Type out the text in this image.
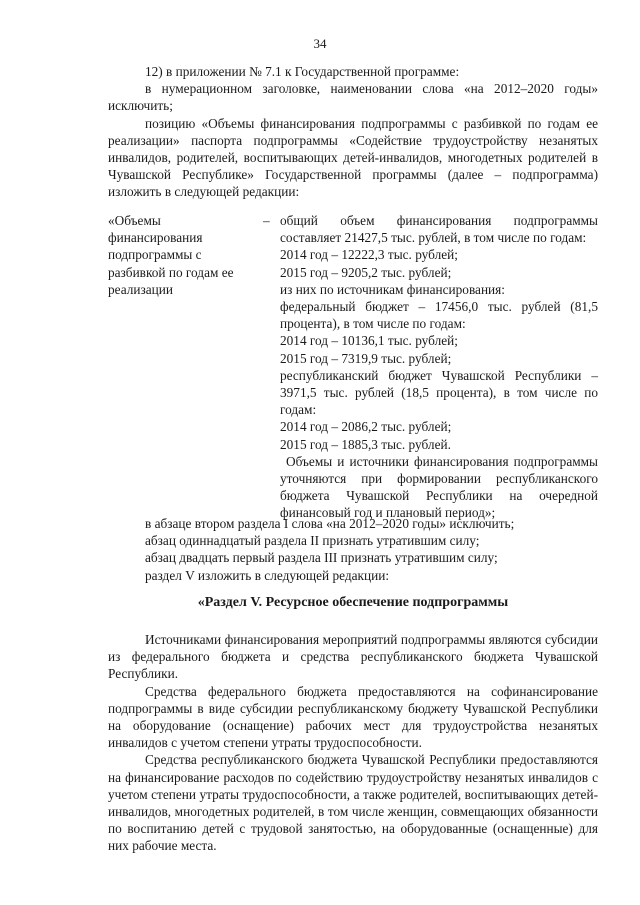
34

12) в приложении № 7.1 к Государственной программе:

в нумерационном заголовке, наименовании слова «на 2012–2020 годы» исключить;

позицию «Объемы финансирования подпрограммы с разбивкой по годам ее реализации» паспорта подпрограммы «Содействие трудоустройству незанятых инвалидов, родителей, воспитывающих детей-инвалидов, многодетных родителей в Чувашской Республике» Государственной программы (далее – подпрограмма) изложить в следующей редакции:

«Объемы финансирования подпрограммы с разбивкой по годам ее реализации
– общий объем финансирования подпрограммы составляет 21427,5 тыс. рублей, в том числе по годам:

2014 год – 12222,3 тыс. рублей;

2015 год – 9205,2 тыс. рублей;

из них по источникам финансирования:

федеральный бюджет – 17456,0 тыс. рублей (81,5 процента), в том числе по годам:

2014 год – 10136,1 тыс. рублей;

2015 год – 7319,9 тыс. рублей;

республиканский бюджет Чувашской Республики – 3971,5 тыс. рублей (18,5 процента), в том числе по годам:

2014 год – 2086,2 тыс. рублей;

2015 год – 1885,3 тыс. рублей.

Объемы и источники финансирования подпрограммы уточняются при формировании республиканского бюджета Чувашской Республики на очередной финансовый год и плановый период»;

в абзаце втором раздела I слова «на 2012–2020 годы» исключить;

абзац одиннадцатый раздела II признать утратившим силу;

абзац двадцать первый раздела III признать утратившим силу;

раздел V изложить в следующей редакции:

«Раздел V. Ресурсное обеспечение подпрограммы

Источниками финансирования мероприятий подпрограммы являются субсидии из федерального бюджета и средства республиканского бюджета Чувашской Республики.

Средства федерального бюджета предоставляются на софинансирование подпрограммы в виде субсидии республиканскому бюджету Чувашской Республики на оборудование (оснащение) рабочих мест для трудоустройства незанятых инвалидов с учетом степени утраты трудоспособности.

Средства республиканского бюджета Чувашской Республики предоставляются на финансирование расходов по содействию трудоустройству незанятых инвалидов с учетом степени утраты трудоспособности, а также родителей, воспитывающих детей-инвалидов, многодетных родителей, в том числе женщин, совмещающих обязанности по воспитанию детей с трудовой занятостью, на оборудованные (оснащенные) для них рабочие места.
